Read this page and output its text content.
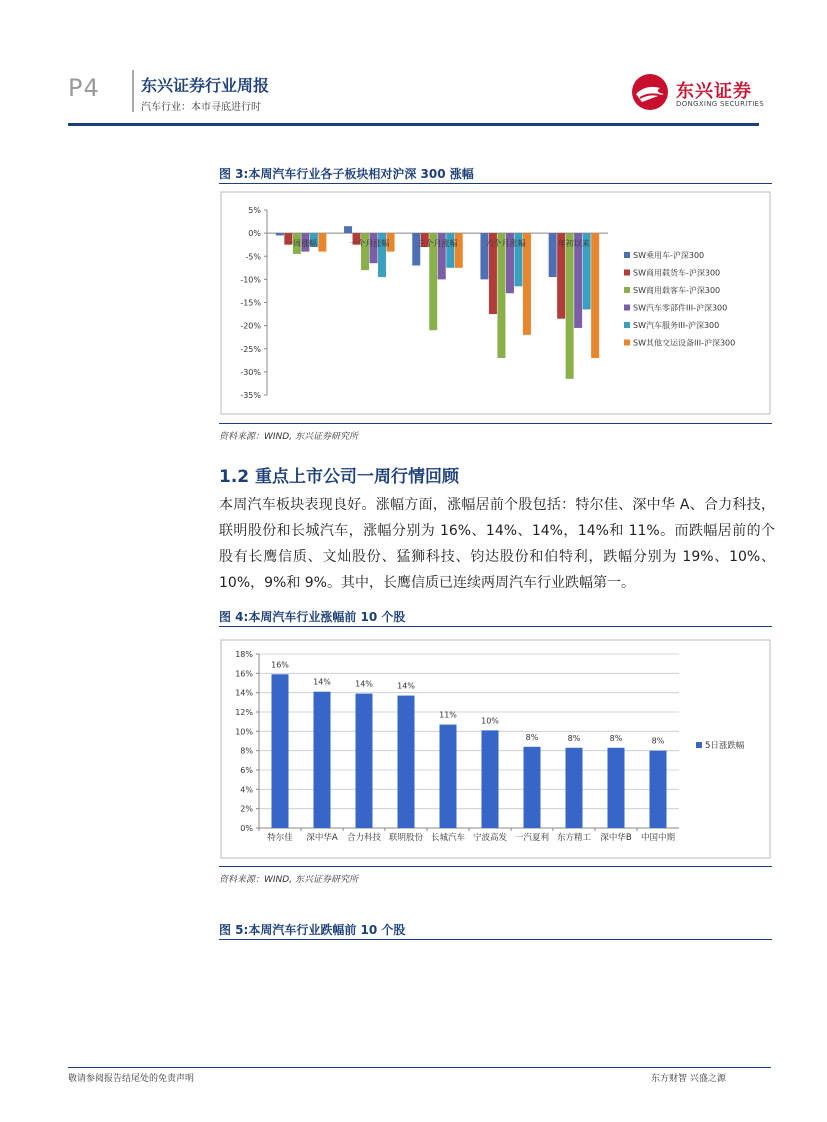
P4	东兴证券行业周报
汽车行业：本市寻底进行时
东兴证券
DONGXING SECURITIES
图 3:本周汽车行业各子板块相对沪深 300 涨幅
5%
0%
-5%
-10%
-15%
-20%
-25%
-30%
-35%
一周涨幅	一个月涨幅	三个月涨幅	六个月涨幅	年初以来
SW乘用车-沪深300
SW商用载货车-沪深300
SW商用载客车-沪深300
SW汽车零部件III-沪深300
SW汽车服务III-沪深300
SW其他交运设备III-沪深300
资料来源：WIND, 东兴证券研究所
1.2 重点上市公司一周行情回顾
本周汽车板块表现良好。涨幅方面，涨幅居前个股包括：特尔佳、深中华 A、合力科技，联明股份和长城汽车，涨幅分别为 16%、14%、14%，14%和 11%。而跌幅居前的个股有长鹰信质、文灿股份、猛狮科技、钧达股份和伯特利，跌幅分别为 19%、10%、10%，9%和 9%。其中，长鹰信质已连续两周汽车行业跌幅第一。
图 4:本周汽车行业涨幅前 10 个股
0%
2%
4%
6%
8%
10%
12%
14%
16%
18%
16%
特尔佳
14%
深中华A
14%
合力科技
14%
联明股份
11%
长城汽车
10%
宁波高发
8%
一汽夏利
8%
东方精工
8%
深中华B
8%
中国中期
5日涨跌幅
资料来源：WIND, 东兴证券研究所
图 5:本周汽车行业跌幅前 10 个股
敬请参阅报告结尾处的免责声明	东方财智 兴盛之源
